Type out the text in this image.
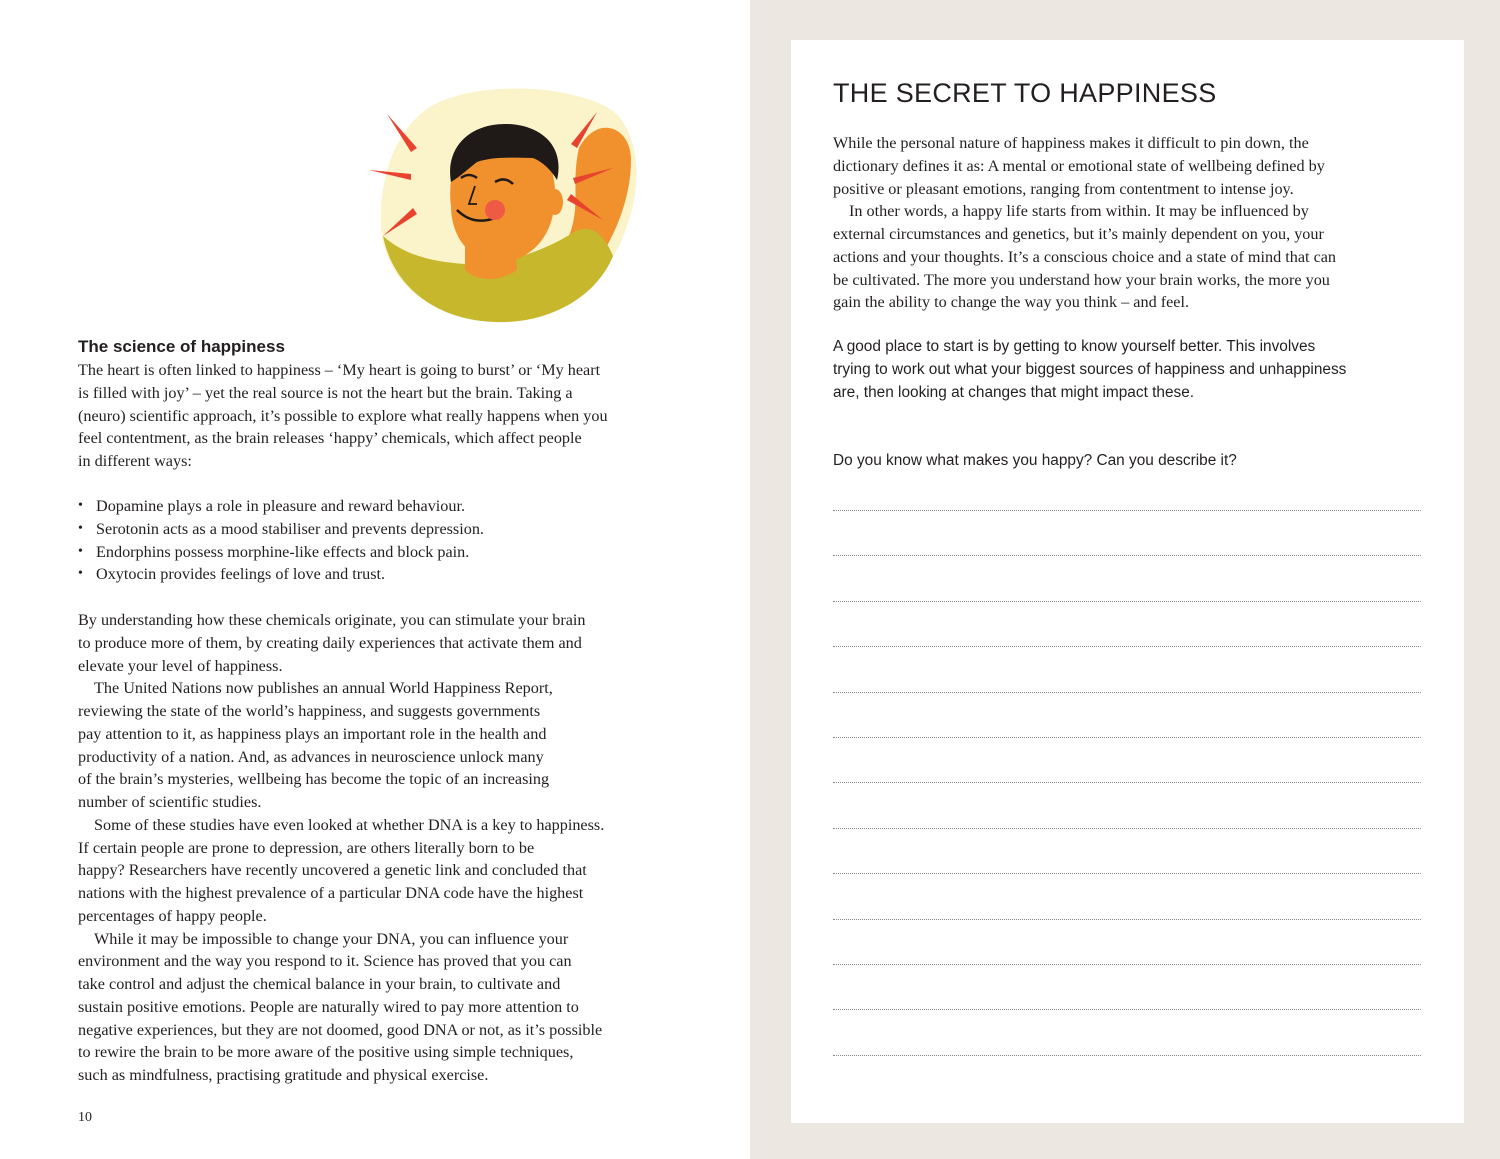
The science of happiness

The heart is often linked to happiness – ‘My heart is going to burst’ or ‘My heart

is filled with joy’ – yet the real source is not the heart but the brain. Taking a

(neuro) scientific approach, it’s possible to explore what really happens when you

feel contentment, as the brain releases ‘happy’ chemicals, which affect people

in different ways:

• Dopamine plays a role in pleasure and reward behaviour.
• Serotonin acts as a mood stabiliser and prevents depression.
• Endorphins possess morphine-like effects and block pain.
• Oxytocin provides feelings of love and trust.

By understanding how these chemicals originate, you can stimulate your brain

to produce more of them, by creating daily experiences that activate them and

elevate your level of happiness.

The United Nations now publishes an annual World Happiness Report,

reviewing the state of the world’s happiness, and suggests governments

pay attention to it, as happiness plays an important role in the health and

productivity of a nation. And, as advances in neuroscience unlock many

of the brain’s mysteries, wellbeing has become the topic of an increasing

number of scientific studies.

Some of these studies have even looked at whether DNA is a key to happiness.

If certain people are prone to depression, are others literally born to be

happy? Researchers have recently uncovered a genetic link and concluded that

nations with the highest prevalence of a particular DNA code have the highest

percentages of happy people.

While it may be impossible to change your DNA, you can influence your

environment and the way you respond to it. Science has proved that you can

take control and adjust the chemical balance in your brain, to cultivate and

sustain positive emotions. People are naturally wired to pay more attention to

negative experiences, but they are not doomed, good DNA or not, as it’s possible

to rewire the brain to be more aware of the positive using simple techniques,

such as mindfulness, practising gratitude and physical exercise.

10
THE SECRET TO HAPPINESS

While the personal nature of happiness makes it difficult to pin down, the

dictionary defines it as: A mental or emotional state of wellbeing defined by

positive or pleasant emotions, ranging from contentment to intense joy.

In other words, a happy life starts from within. It may be influenced by

external circumstances and genetics, but it’s mainly dependent on you, your

actions and your thoughts. It’s a conscious choice and a state of mind that can

be cultivated. The more you understand how your brain works, the more you

gain the ability to change the way you think – and feel.

A good place to start is by getting to know yourself better. This involves

trying to work out what your biggest sources of happiness and unhappiness

are, then looking at changes that might impact these.

Do you know what makes you happy? Can you describe it?
